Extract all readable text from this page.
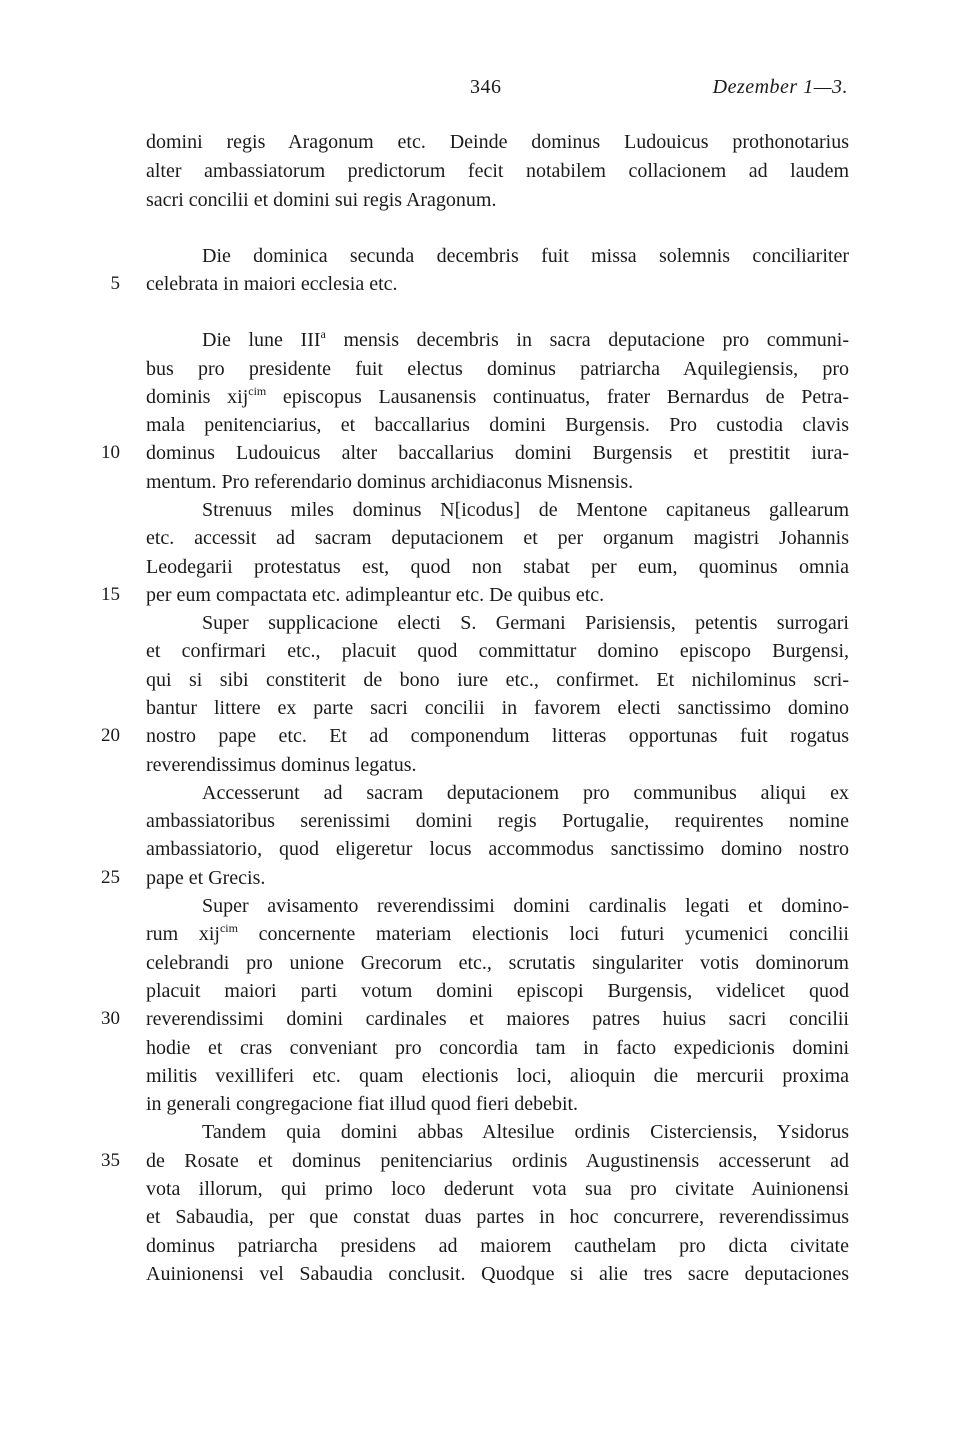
346	Dezember 1—3.
domini regis Aragonum etc. Deinde dominus Ludouicus prothonotarius
alter ambassiatorum predictorum fecit notabilem collacionem ad laudem
sacri concilii et domini sui regis Aragonum.
Die dominica secunda decembris fuit missa solemnis conciliariter
celebrata in maiori ecclesia etc.
Die lune III$^a$ mensis decembris in sacra deputacione pro communi-
bus pro presidente fuit electus dominus patriarcha Aquilegiensis, pro
dominis xij$^{cim}$ episcopus Lausanensis continuatus, frater Bernardus de Petra-
mala penitenciarius, et baccallarius domini Burgensis. Pro custodia clavis
dominus Ludouicus alter baccallarius domini Burgensis et prestitit iura-
mentum. Pro referendario dominus archidiaconus Misnensis.
Strenuus miles dominus N[icodus] de Mentone capitaneus gallearum
etc. accessit ad sacram deputacionem et per organum magistri Johannis
Leodegarii protestatus est, quod non stabat per eum, quominus omnia
per eum compactata etc. adimpleantur etc. De quibus etc.
Super supplicacione electi S. Germani Parisiensis, petentis surrogari
et confirmari etc., placuit quod committatur domino episcopo Burgensi,
qui si sibi constiterit de bono iure etc., confirmet. Et nichilominus scri-
bantur littere ex parte sacri concilii in favorem electi sanctissimo domino
nostro pape etc. Et ad componendum litteras opportunas fuit rogatus
reverendissimus dominus legatus.
Accesserunt ad sacram deputacionem pro communibus aliqui ex
ambassiatoribus serenissimi domini regis Portugalie, requirentes nomine
ambassiatorio, quod eligeretur locus accommodus sanctissimo domino nostro
pape et Grecis.
Super avisamento reverendissimi domini cardinalis legati et domino-
rum xij$^{cim}$ concernente materiam electionis loci futuri ycumenici concilii
celebrandi pro unione Grecorum etc., scrutatis singulariter votis dominorum
placuit maiori parti votum domini episcopi Burgensis, videlicet quod
reverendissimi domini cardinales et maiores patres huius sacri concilii
hodie et cras conveniant pro concordia tam in facto expedicionis domini
militis vexilliferi etc. quam electionis loci, alioquin die mercurii proxima
in generali congregacione fiat illud quod fieri debebit.
Tandem quia domini abbas Altesilue ordinis Cisterciensis, Ysidorus
de Rosate et dominus penitenciarius ordinis Augustinensis accesserunt ad
vota illorum, qui primo loco dederunt vota sua pro civitate Auinionensi
et Sabaudia, per que constat duas partes in hoc concurrere, reverendissimus
dominus patriarcha presidens ad maiorem cauthelam pro dicta civitate
Auinionensi vel Sabaudia conclusit. Quodque si alie tres sacre deputaciones
5
10
15
20
25
30
35
